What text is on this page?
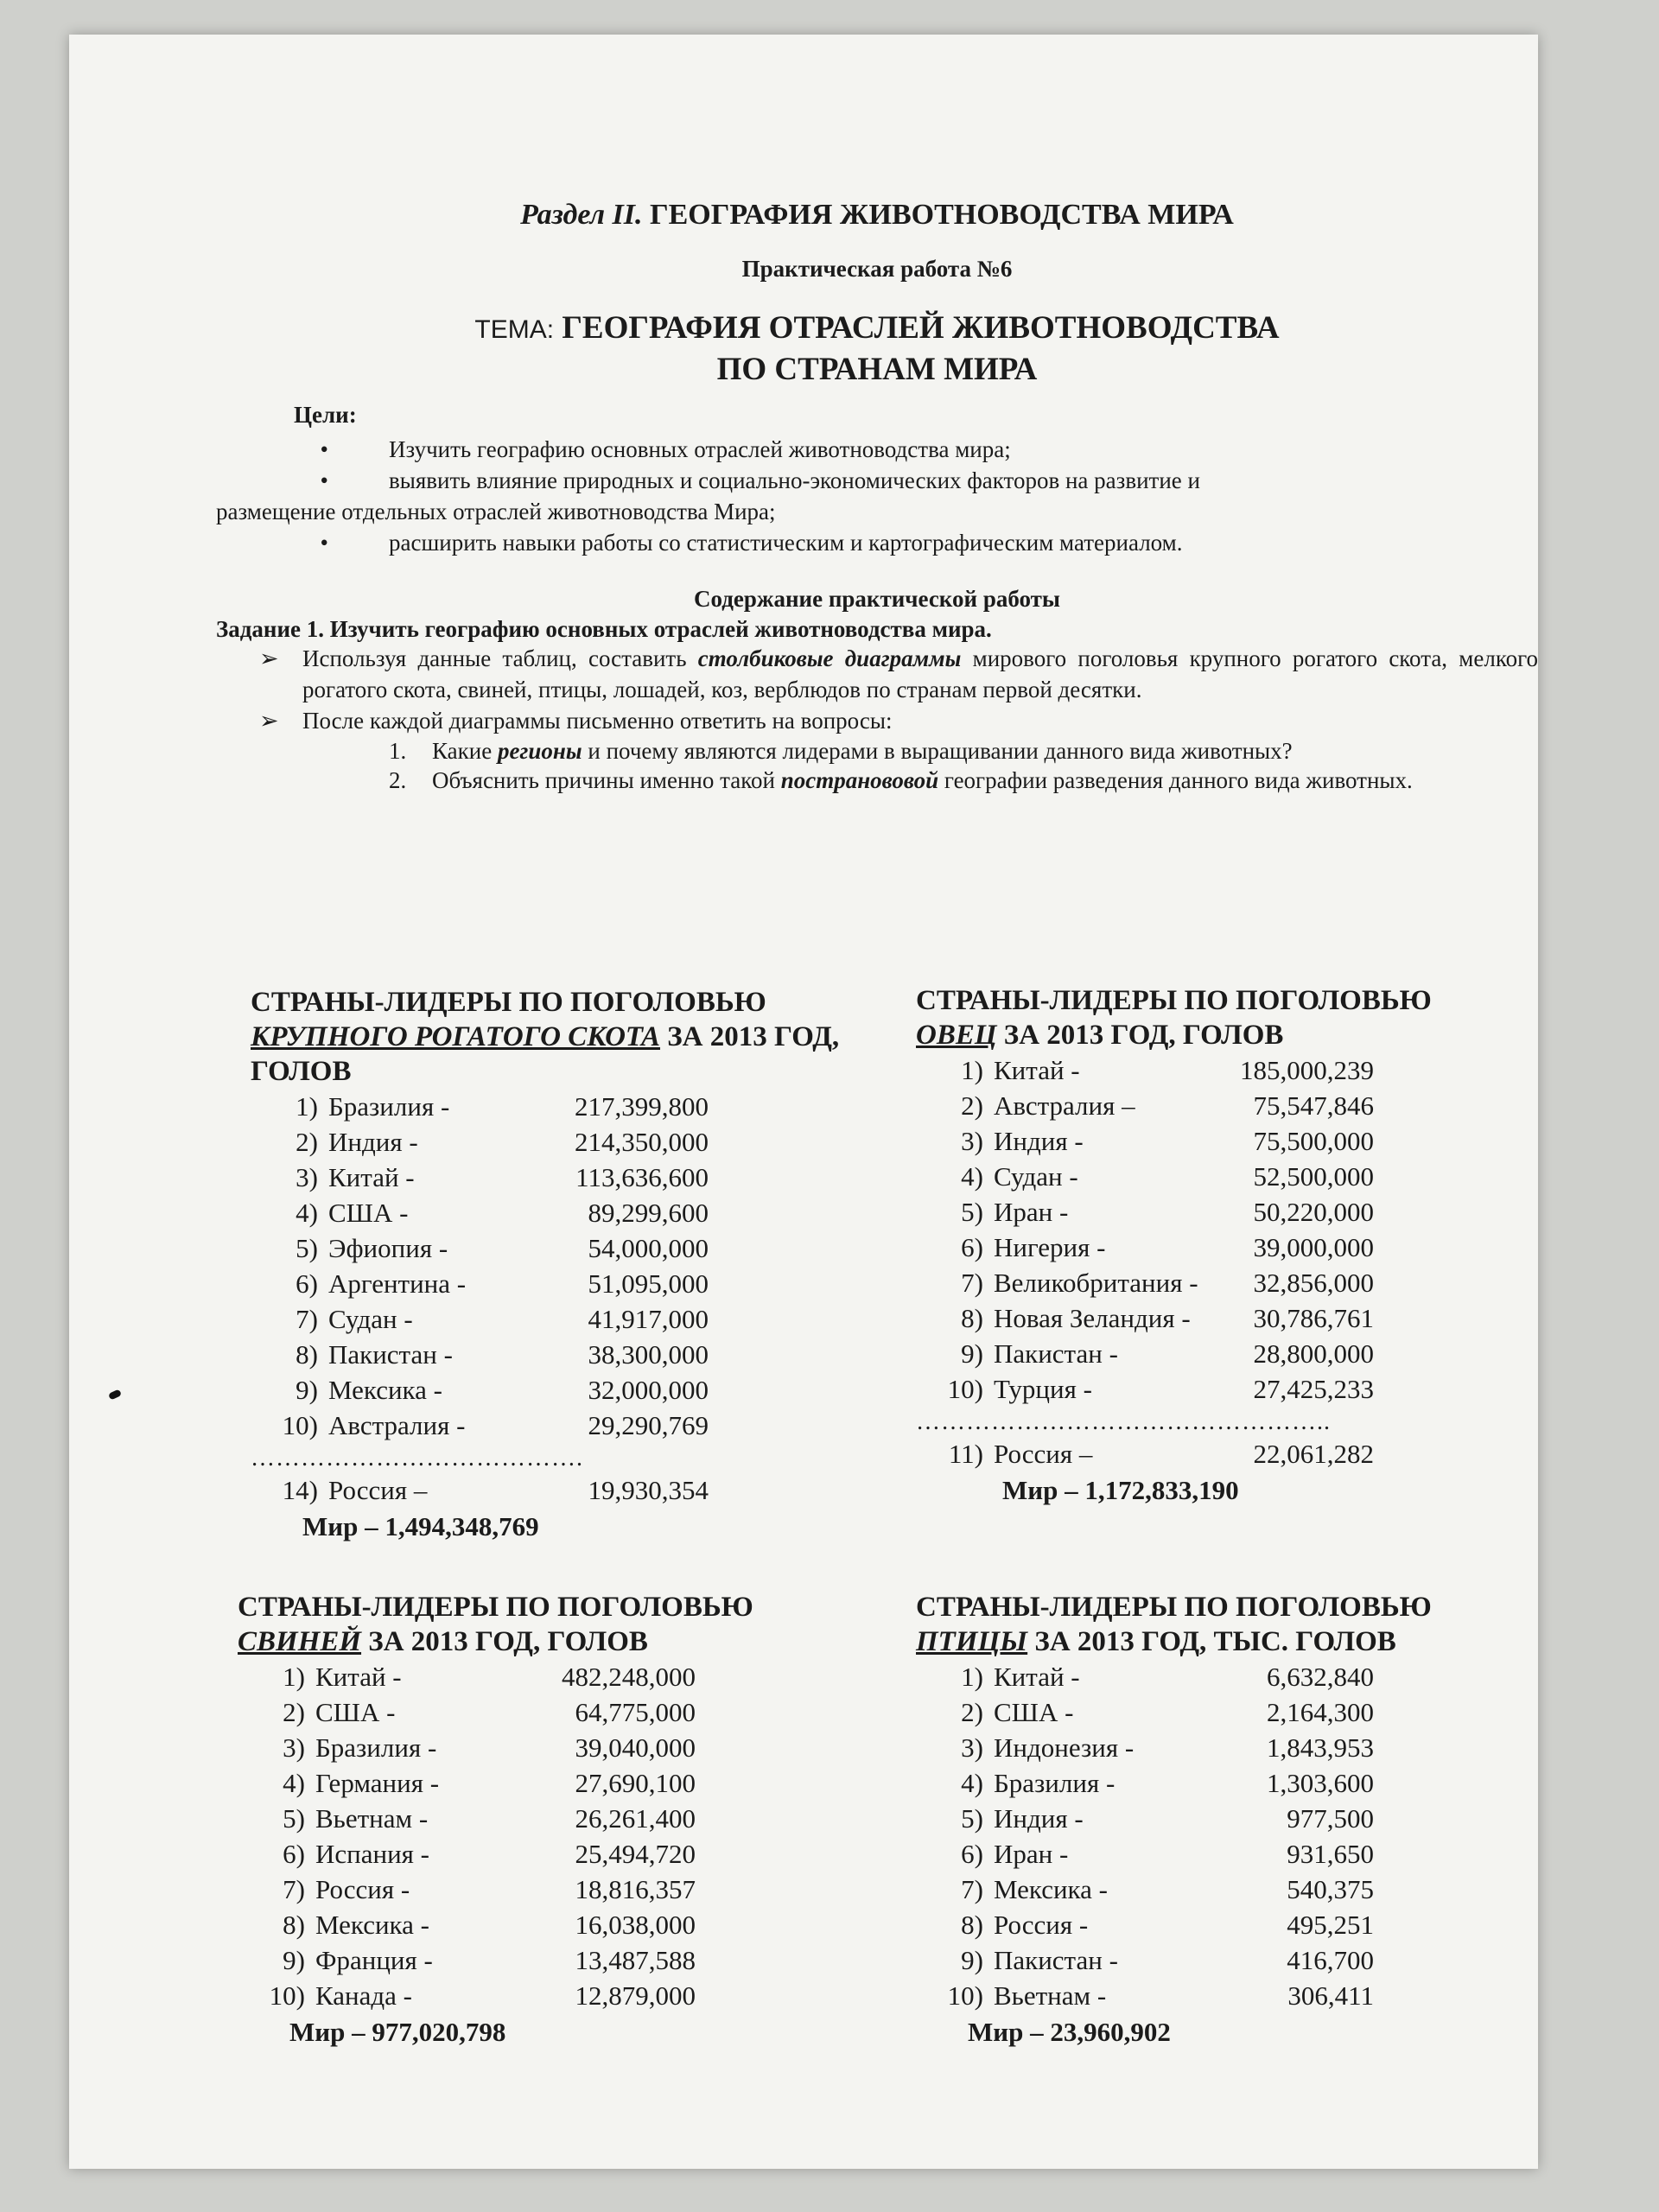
Раздел II. ГЕОГРАФИЯ ЖИВОТНОВОДСТВА МИРА
Практическая работа №6
ТЕМА: ГЕОГРАФИЯ ОТРАСЛЕЙ ЖИВОТНОВОДСТВА
ПО СТРАНАМ МИРА
Цели:
•	Изучить географию основных отраслей животноводства мира;
•	выявить влияние природных и социально-экономических факторов на развитие и
размещение отдельных отраслей животноводства Мира;
•	расширить навыки работы со статистическим и картографическим материалом.
Содержание практической работы
Задание 1. Изучить географию основных отраслей животноводства мира.
➢	Используя данные таблиц, составить столбиковые диаграммы мирового поголовья крупного рогатого скота, мелкого рогатого скота, свиней, птицы, лошадей, коз, верблюдов по странам первой десятки.
➢	После каждой диаграммы письменно ответить на вопросы:
1.	Какие регионы и почему являются лидерами в выращивании данного вида животных?
2.	Объяснить причины именно такой постранововой географии разведения данного вида животных.
СТРАНЫ-ЛИДЕРЫ ПО ПОГОЛОВЬЮ
КРУПНОГО РОГАТОГО СКОТА ЗА 2013 ГОД, ГОЛОВ
1) Бразилия -	217,399,800
2) Индия -	214,350,000
3) Китай -	113,636,600
4) США -	89,299,600
5) Эфиопия -	54,000,000
6) Аргентина -	51,095,000
7) Судан -	41,917,000
8) Пакистан -	38,300,000
9) Мексика -	32,000,000
10) Австралия -	29,290,769
………………………………….
14) Россия –	19,930,354
Мир – 1,494,348,769
СТРАНЫ-ЛИДЕРЫ ПО ПОГОЛОВЬЮ
ОВЕЦ ЗА 2013 ГОД, ГОЛОВ
1) Китай -	185,000,239
2) Австралия –	75,547,846
3) Индия -	75,500,000
4) Судан -	52,500,000
5) Иран -	50,220,000
6) Нигерия -	39,000,000
7) Великобритания -	32,856,000
8) Новая Зеландия -	30,786,761
9) Пакистан -	28,800,000
10) Турция -	27,425,233
…………………………………………..
11) Россия –	22,061,282
Мир – 1,172,833,190
СТРАНЫ-ЛИДЕРЫ ПО ПОГОЛОВЬЮ
СВИНЕЙ ЗА 2013 ГОД, ГОЛОВ
1) Китай -	482,248,000
2) США -	64,775,000
3) Бразилия -	39,040,000
4) Германия -	27,690,100
5) Вьетнам -	26,261,400
6) Испания -	25,494,720
7) Россия -	18,816,357
8) Мексика -	16,038,000
9) Франция -	13,487,588
10) Канада -	12,879,000
Мир – 977,020,798
СТРАНЫ-ЛИДЕРЫ ПО ПОГОЛОВЬЮ
ПТИЦЫ ЗА 2013 ГОД, ТЫС. ГОЛОВ
1) Китай -	6,632,840
2) США -	2,164,300
3) Индонезия -	1,843,953
4) Бразилия -	1,303,600
5) Индия -	977,500
6) Иран -	931,650
7) Мексика -	540,375
8) Россия -	495,251
9) Пакистан -	416,700
10) Вьетнам -	306,411
Мир – 23,960,902
